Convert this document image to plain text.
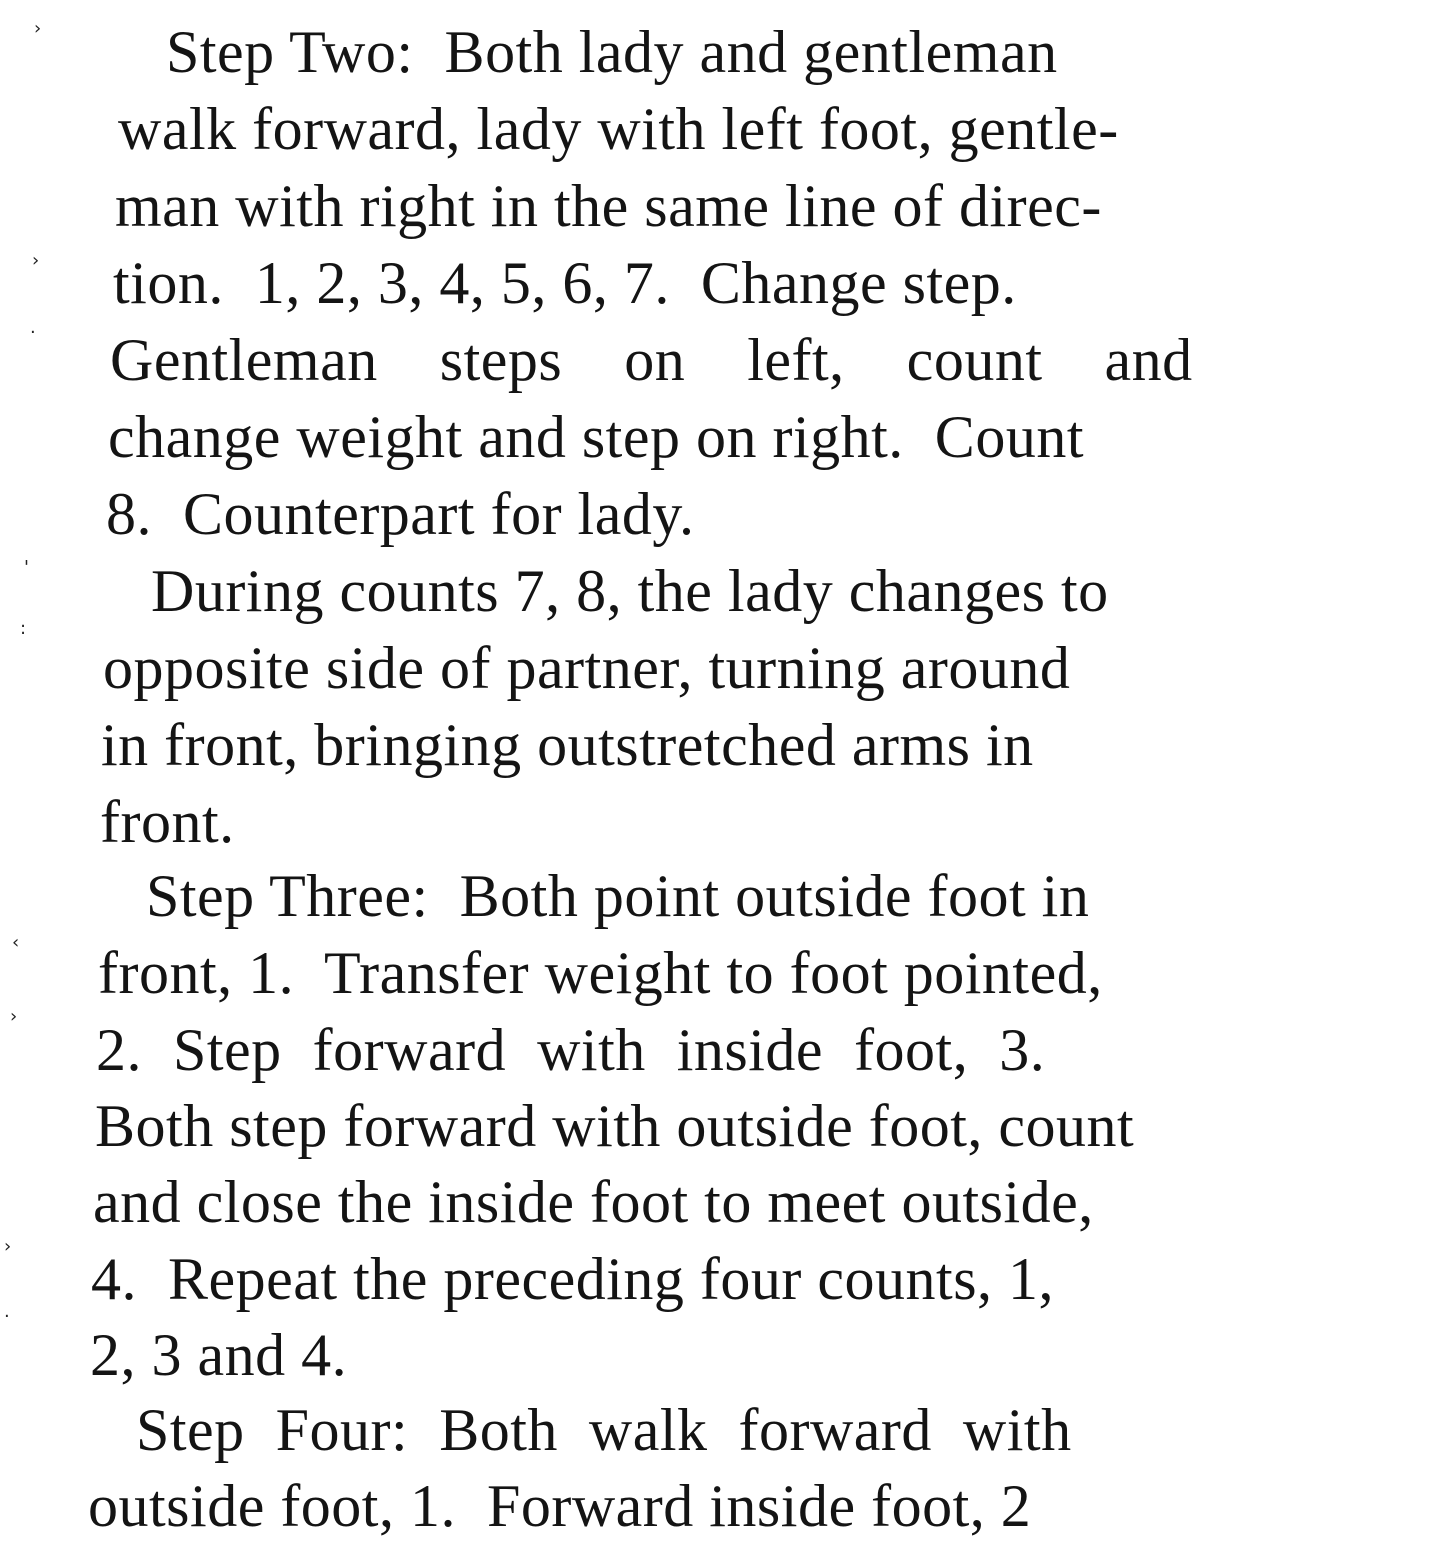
›
›
·
'
:
‹
›
›
·
Step Two:  Both lady and gentleman
walk forward, lady with left foot, gentle-
man with right in the same line of direc-
tion.  1, 2, 3, 4, 5, 6, 7.  Change step.
Gentleman    steps    on    left,    count    and
change weight and step on right.  Count
8.  Counterpart for lady.
During counts 7, 8, the lady changes to
opposite side of partner, turning around
in front, bringing outstretched arms in
front.
Step Three:  Both point outside foot in
front, 1.  Transfer weight to foot pointed,
2.  Step  forward  with  inside  foot,  3.
Both step forward with outside foot, count
and close the inside foot to meet outside,
4.  Repeat the preceding four counts, 1,
2, 3 and 4.
Step  Four:  Both  walk  forward  with
outside foot, 1.  Forward inside foot, 2
